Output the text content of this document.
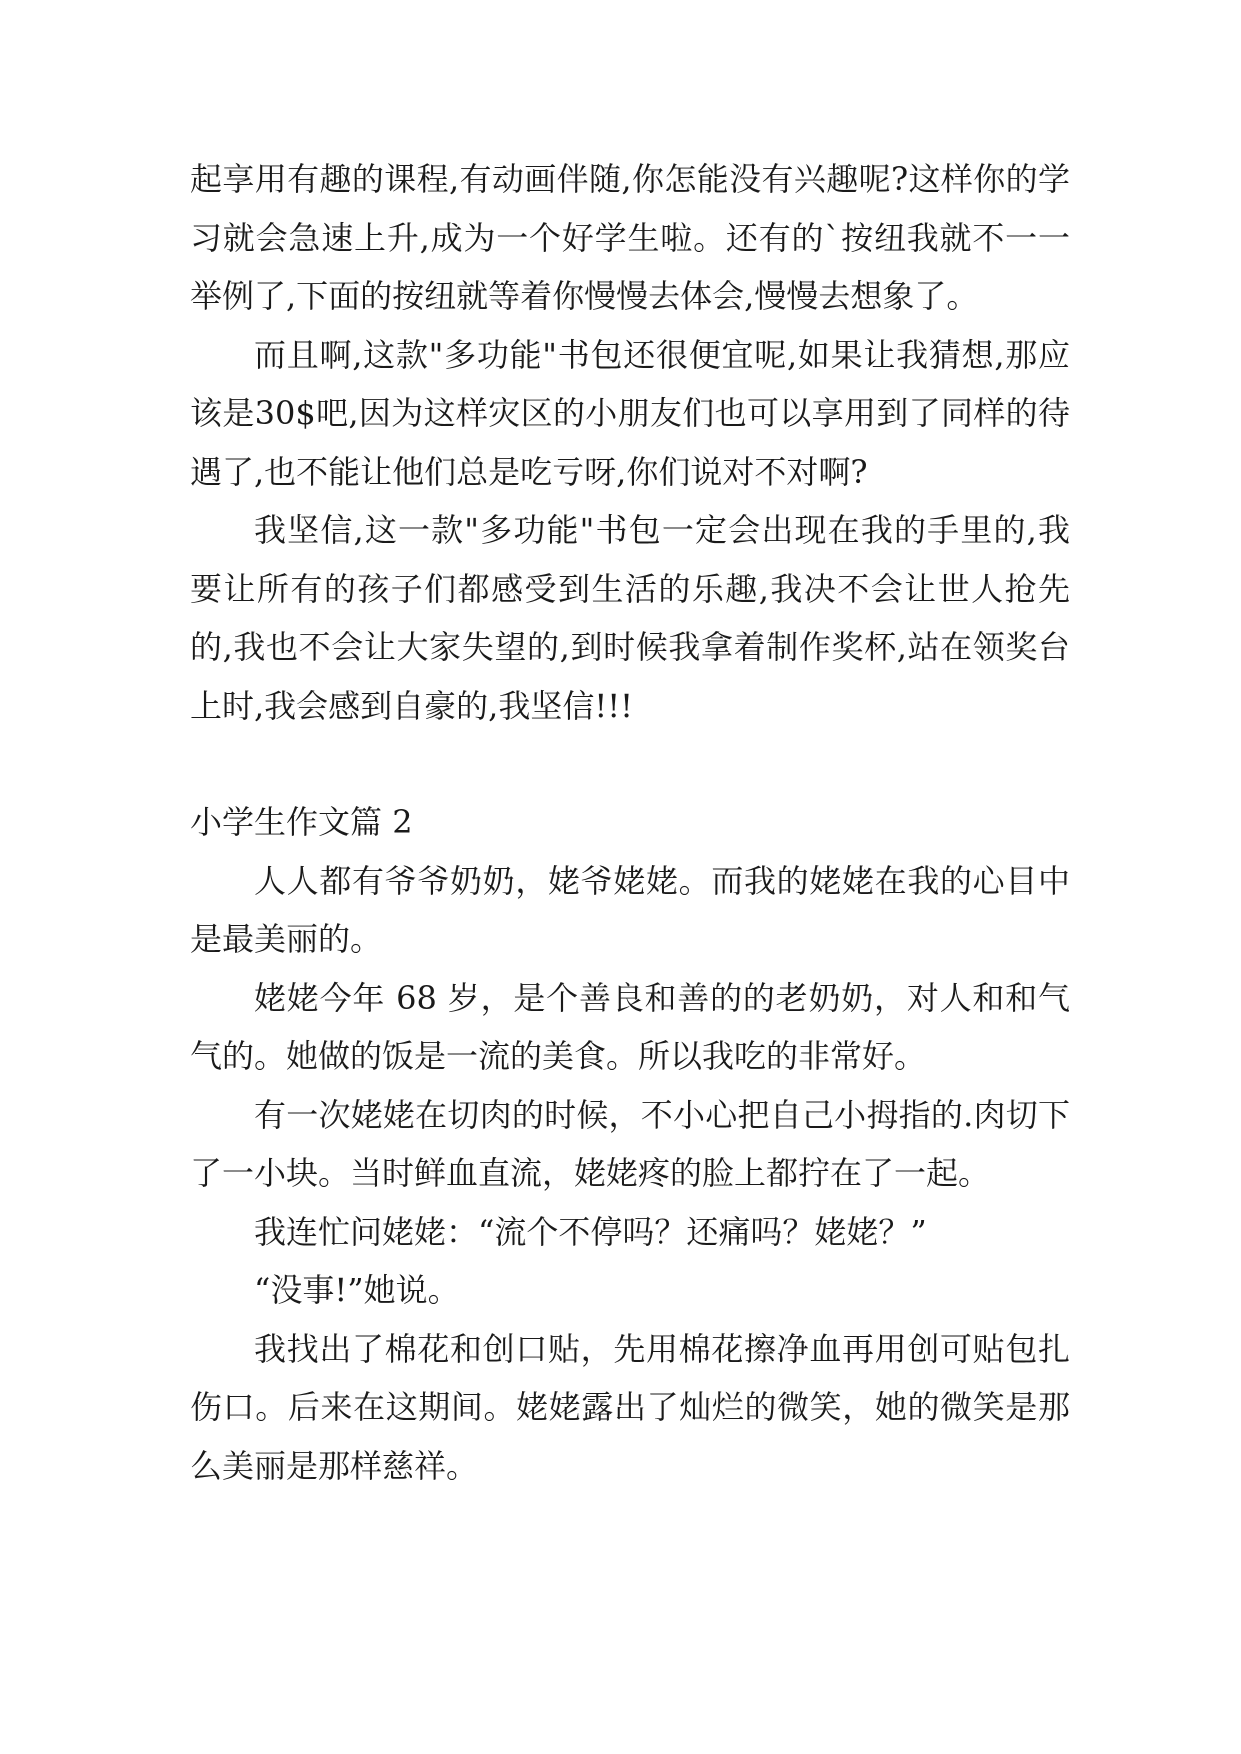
起享用有趣的课程,有动画伴随,你怎能没有兴趣呢?这样你的学习就会急速上升,成为一个好学生啦。还有的`按纽我就不一一举例了,下面的按纽就等着你慢慢去体会,慢慢去想象了。

而且啊,这款"多功能"书包还很便宜呢,如果让我猜想,那应该是30$吧,因为这样灾区的小朋友们也可以享用到了同样的待遇了,也不能让他们总是吃亏呀,你们说对不对啊?

我坚信,这一款"多功能"书包一定会出现在我的手里的,我要让所有的孩子们都感受到生活的乐趣,我决不会让世人抢先的,我也不会让大家失望的,到时候我拿着制作奖杯,站在领奖台上时,我会感到自豪的,我坚信!!!

小学生作文篇 2

人人都有爷爷奶奶，姥爷姥姥。而我的姥姥在我的心目中是最美丽的。

姥姥今年 68 岁，是个善良和善的的老奶奶，对人和和气气的。她做的饭是一流的美食。所以我吃的非常好。

有一次姥姥在切肉的时候，不小心把自己小拇指的.肉切下了一小块。当时鲜血直流，姥姥疼的脸上都拧在了一起。

我连忙问姥姥：“流个不停吗？还痛吗？姥姥？”

“没事!”她说。

我找出了棉花和创口贴，先用棉花擦净血再用创可贴包扎伤口。后来在这期间。姥姥露出了灿烂的微笑，她的微笑是那么美丽是那样慈祥。
